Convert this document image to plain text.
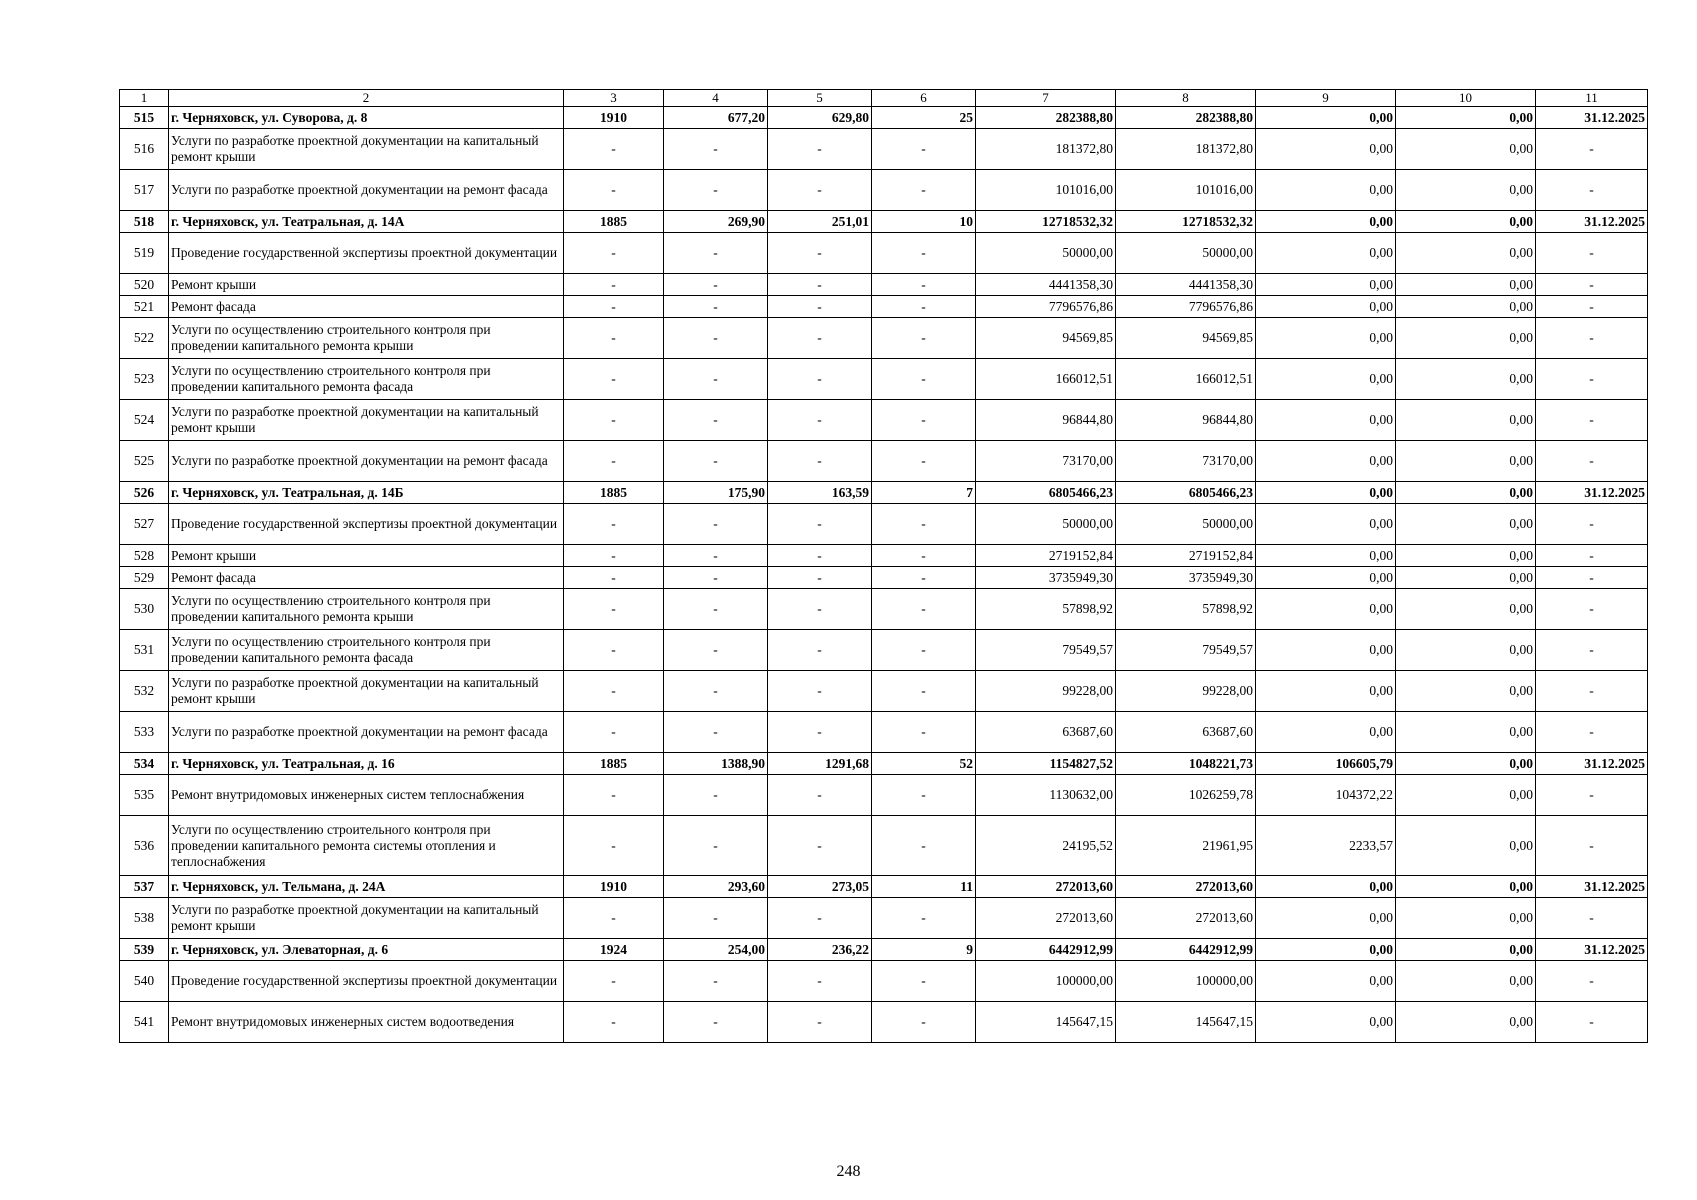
1	2	3	4	5	6	7	8	9	10	11
515	г. Черняховск, ул. Суворова, д. 8	1910	677,20	629,80	25	282388,80	282388,80	0,00	0,00	31.12.2025
516	Услуги по разработке проектной документации на капитальный ремонт крыши	-	-	-	-	181372,80	181372,80	0,00	0,00	-
517	Услуги по разработке проектной документации на ремонт фасада	-	-	-	-	101016,00	101016,00	0,00	0,00	-
518	г. Черняховск, ул. Театральная, д. 14А	1885	269,90	251,01	10	12718532,32	12718532,32	0,00	0,00	31.12.2025
519	Проведение государственной экспертизы проектной документации	-	-	-	-	50000,00	50000,00	0,00	0,00	-
520	Ремонт крыши	-	-	-	-	4441358,30	4441358,30	0,00	0,00	-
521	Ремонт фасада	-	-	-	-	7796576,86	7796576,86	0,00	0,00	-
522	Услуги по осуществлению строительного контроля при проведении капитального ремонта крыши	-	-	-	-	94569,85	94569,85	0,00	0,00	-
523	Услуги по осуществлению строительного контроля при проведении капитального ремонта фасада	-	-	-	-	166012,51	166012,51	0,00	0,00	-
524	Услуги по разработке проектной документации на капитальный ремонт крыши	-	-	-	-	96844,80	96844,80	0,00	0,00	-
525	Услуги по разработке проектной документации на ремонт фасада	-	-	-	-	73170,00	73170,00	0,00	0,00	-
526	г. Черняховск, ул. Театральная, д. 14Б	1885	175,90	163,59	7	6805466,23	6805466,23	0,00	0,00	31.12.2025
527	Проведение государственной экспертизы проектной документации	-	-	-	-	50000,00	50000,00	0,00	0,00	-
528	Ремонт крыши	-	-	-	-	2719152,84	2719152,84	0,00	0,00	-
529	Ремонт фасада	-	-	-	-	3735949,30	3735949,30	0,00	0,00	-
530	Услуги по осуществлению строительного контроля при проведении капитального ремонта крыши	-	-	-	-	57898,92	57898,92	0,00	0,00	-
531	Услуги по осуществлению строительного контроля при проведении капитального ремонта фасада	-	-	-	-	79549,57	79549,57	0,00	0,00	-
532	Услуги по разработке проектной документации на капитальный ремонт крыши	-	-	-	-	99228,00	99228,00	0,00	0,00	-
533	Услуги по разработке проектной документации на ремонт фасада	-	-	-	-	63687,60	63687,60	0,00	0,00	-
534	г. Черняховск, ул. Театральная, д. 16	1885	1388,90	1291,68	52	1154827,52	1048221,73	106605,79	0,00	31.12.2025
535	Ремонт внутридомовых инженерных систем теплоснабжения	-	-	-	-	1130632,00	1026259,78	104372,22	0,00	-
536	Услуги по осуществлению строительного контроля при проведении капитального ремонта системы отопления и теплоснабжения	-	-	-	-	24195,52	21961,95	2233,57	0,00	-
537	г. Черняховск, ул. Тельмана, д. 24А	1910	293,60	273,05	11	272013,60	272013,60	0,00	0,00	31.12.2025
538	Услуги по разработке проектной документации на капитальный ремонт крыши	-	-	-	-	272013,60	272013,60	0,00	0,00	-
539	г. Черняховск, ул. Элеваторная, д. 6	1924	254,00	236,22	9	6442912,99	6442912,99	0,00	0,00	31.12.2025
540	Проведение государственной экспертизы проектной документации	-	-	-	-	100000,00	100000,00	0,00	0,00	-
541	Ремонт внутридомовых инженерных систем водоотведения	-	-	-	-	145647,15	145647,15	0,00	0,00	-
248
